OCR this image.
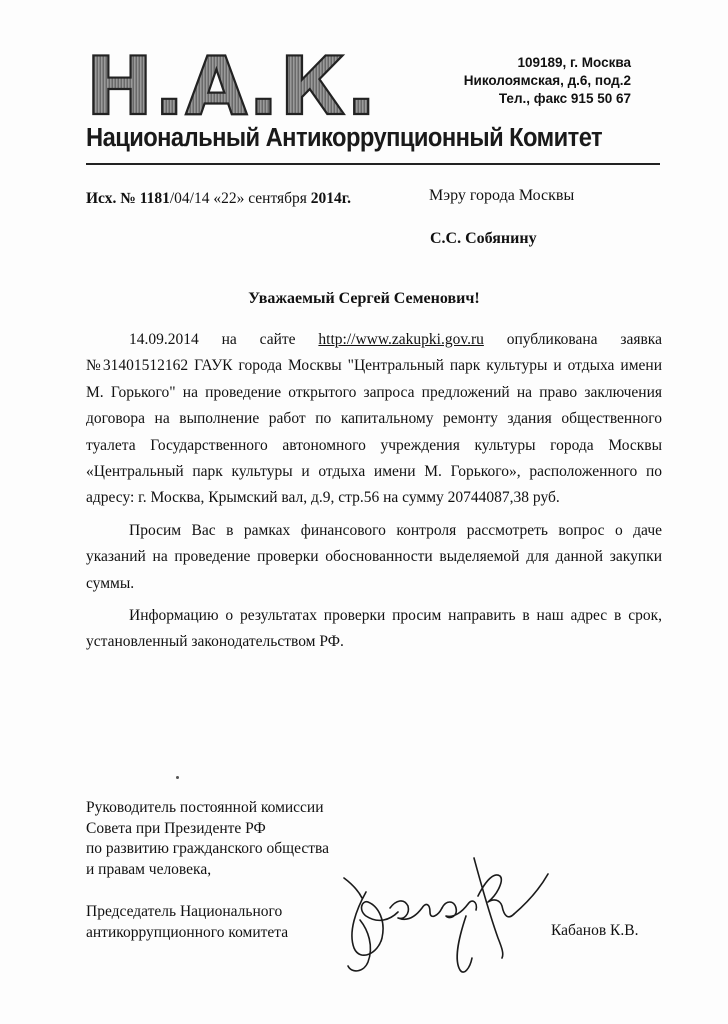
Н.А.К.	109189, г. Москва
Николоямская, д.6, под.2
Тел., факс 915 50 67
Национальный Антикоррупционный Комитет
Исх. № 1181/04/14 «22» сентября 2014г.	Мэру города Москвы
С.С. Собянину
Уважаемый Сергей Семенович!

14.09.2014 на сайте http://www.zakupki.gov.ru опубликована заявка №31401512162 ГАУК города Москвы "Центральный парк культуры и отдыха имени М. Горького" на проведение открытого запроса предложений на право заключения договора на выполнение работ по капитальному ремонту здания общественного туалета Государственного автономного учреждения культуры города Москвы «Центральный парк культуры и отдыха имени М. Горького», расположенного по адресу: г. Москва, Крымский вал, д.9, стр.56 на сумму 20744087,38 руб.

Просим Вас в рамках финансового контроля рассмотреть вопрос о даче указаний на проведение проверки обоснованности выделяемой для данной закупки суммы.

Информацию о результатах проверки просим направить в наш адрес в срок, установленный законодательством РФ.

Руководитель постоянной комиссии
Совета при Президенте РФ
по развитию гражданского общества
и правам человека,
Председатель Национального
антикоррупционного комитета	Кабанов К.В.
